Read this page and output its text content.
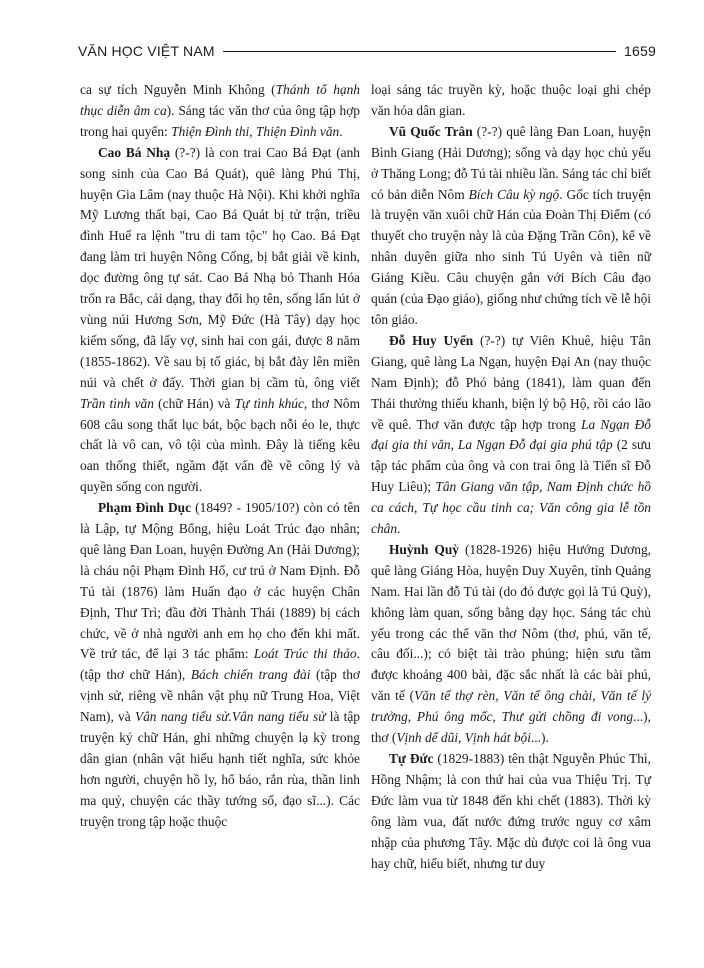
VĂN HỌC VIỆT NAM	1659

ca sự tích Nguyễn Minh Không (Thánh tổ hạnh thục diễn âm ca). Sáng tác văn thơ của ông tập hợp trong hai quyển: Thiện Đình thi, Thiện Đình văn.

Cao Bá Nhạ (?-?) là con trai Cao Bá Đạt (anh song sinh của Cao Bá Quát), quê làng Phú Thị, huyện Gia Lâm (nay thuộc Hà Nội). Khi khởi nghĩa Mỹ Lương thất bại, Cao Bá Quát bị tử trận, triều đình Huế ra lệnh "tru di tam tộc" họ Cao. Bá Đạt đang làm tri huyện Nông Cống, bị bắt giải về kinh, dọc đường ông tự sát. Cao Bá Nhạ bỏ Thanh Hóa trốn ra Bắc, cải dạng, thay đổi họ tên, sống lẩn lút ở vùng núi Hương Sơn, Mỹ Đức (Hà Tây) dạy học kiếm sống, đã lấy vợ, sinh hai con gái, được 8 năm (1855-1862). Về sau bị tố giác, bị bắt đày lên miền núi và chết ở đấy. Thời gian bị cầm tù, ông viết Trần tình văn (chữ Hán) và Tự tình khúc, thơ Nôm 608 câu song thất lục bát, bộc bạch nỗi éo le, thực chất là vô can, vô tội của mình. Đây là tiếng kêu oan thống thiết, ngầm đặt vấn đề về công lý và quyền sống con người.

Phạm Đình Dục (1849? - 1905/10?) còn có tên là Lập, tự Mộng Bổng, hiệu Loát Trúc đạo nhân; quê làng Đan Loan, huyện Đường An (Hải Dương); là cháu nội Phạm Đình Hổ, cư trú ở Nam Định. Đỗ Tú tài (1876) làm Huấn đạo ở các huyện Chân Định, Thư Trì; đầu đời Thành Thái (1889) bị cách chức, về ở nhà người anh em họ cho đến khi mất. Về trứ tác, để lại 3 tác phẩm: Loát Trúc thi thảo. (tập thơ chữ Hán), Bách chiến trang đài (tập thơ vịnh sử, riêng về nhân vật phụ nữ Trung Hoa, Việt Nam), và Vân nang tiểu sử.Vân nang tiểu sử là tập truyện ký chữ Hán, ghi những chuyện lạ kỳ trong dân gian (nhân vật hiếu hạnh tiết nghĩa, sức khỏe hơn người, chuyện hồ ly, hổ báo, rắn rùa, thần linh ma quỷ, chuyện các thầy tướng số, đạo sĩ...). Các truyện trong tập hoặc thuộc

loại sáng tác truyền kỳ, hoặc thuộc loại ghi chép văn hóa dân gian.

Vũ Quốc Trân (?-?) quê làng Đan Loan, huyện Bình Giang (Hải Dương); sống và dạy học chủ yếu ở Thăng Long; đỗ Tú tài nhiều lần. Sáng tác chỉ biết có bản diễn Nôm Bích Câu kỳ ngộ. Gốc tích truyện là truyện văn xuôi chữ Hán của Đoàn Thị Điểm (có thuyết cho truyện này là của Đặng Trần Côn), kể về nhân duyên giữa nho sinh Tú Uyên và tiên nữ Giáng Kiều. Câu chuyện gắn với Bích Câu đạo quán (của Đạo giáo), giống như chứng tích về lễ hội tôn giáo.

Đỗ Huy Uyển (?-?) tự Viên Khuê, hiệu Tân Giang, quê làng La Ngạn, huyện Đại An (nay thuộc Nam Định); đỗ Phó bảng (1841), làm quan đến Thái thường thiếu khanh, biện lý bộ Hộ, rồi cáo lão về quê. Thơ văn được tập hợp trong La Ngạn Đỗ đại gia thi văn, La Ngạn Đỗ đại gia phú tập (2 sưu tập tác phẩm của ông và con trai ông là Tiến sĩ Đỗ Huy Liêu); Tân Giang văn tập, Nam Định chức hồ ca cách, Tự học cầu tinh ca; Văn công gia lễ tồn chân.

Huỳnh Quỳ (1828-1926) hiệu Hướng Dương, quê làng Giáng Hòa, huyện Duy Xuyên, tỉnh Quảng Nam. Hai lần đỗ Tú tài (do đó được gọi là Tú Quỳ), không làm quan, sống bằng dạy học. Sáng tác chủ yếu trong các thể văn thơ Nôm (thơ, phú, văn tế, câu đối...); có biệt tài trào phúng; hiện sưu tầm được khoảng 400 bài, đặc sắc nhất là các bài phú, văn tế (Văn tế thợ rèn, Văn tế ông chài, Văn tế lý trưởng, Phú ông mốc, Thư gửi chồng đi vong...), thơ (Vịnh dế dũi, Vịnh hát bội...).

Tự Đức (1829-1883) tên thật Nguyễn Phúc Thì, Hồng Nhậm; là con thứ hai của vua Thiệu Trị. Tự Đức làm vua từ 1848 đến khi chết (1883). Thời kỳ ông làm vua, đất nước đứng trước nguy cơ xâm nhập của phương Tây. Mặc dù được coi là ông vua hay chữ, hiếu biết, nhưng tư duy
